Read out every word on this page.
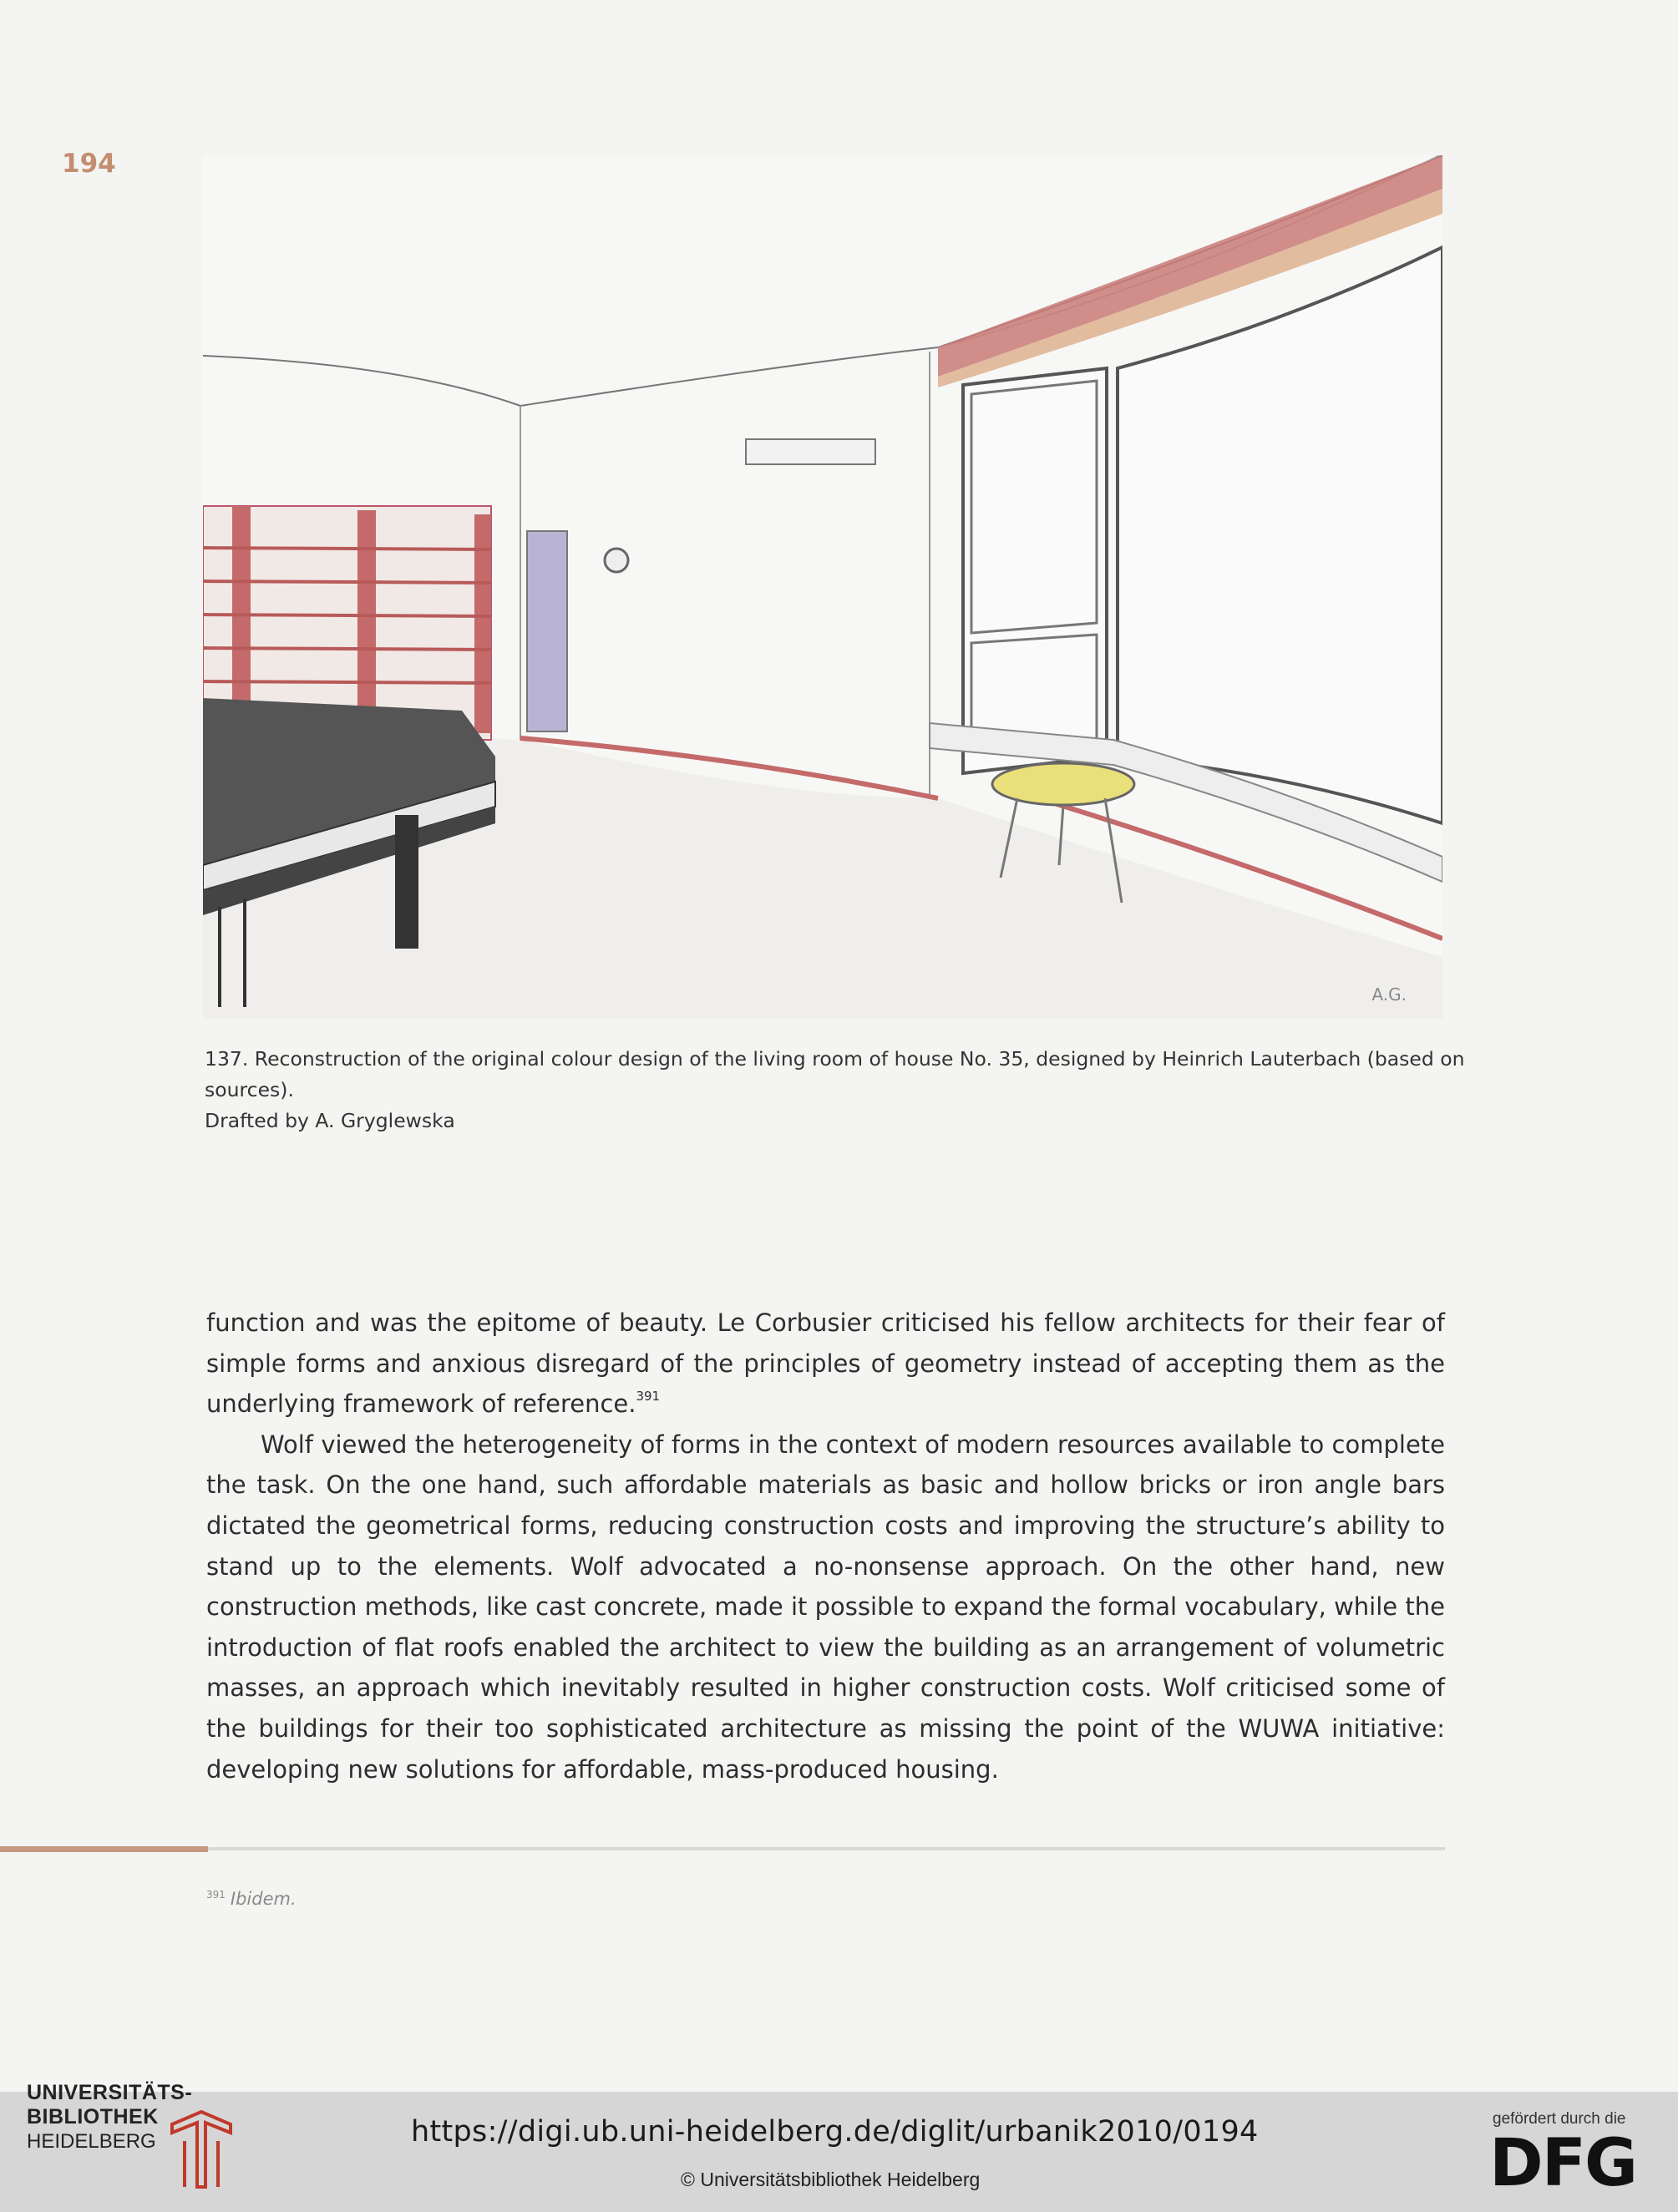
194
A.G.

137. Reconstruction of the original colour design of the living room of house No. 35, designed by Heinrich Lauterbach (based on sources).

Drafted by A. Gryglewska

function and was the epitome of beauty. Le Corbusier criticised his fellow architects for their fear of simple forms and anxious disregard of the principles of geometry instead of accepting them as the underlying framework of reference.$^{391}$

Wolf viewed the heterogeneity of forms in the context of modern resources available to complete the task. On the one hand, such affordable materials as basic and hollow bricks or iron angle bars dictated the geometrical forms, reducing construction costs and improving the structure’s ability to stand up to the elements. Wolf advocated a no-nonsense approach. On the other hand, new construction methods, like cast concrete, made it possible to expand the formal vocabulary, while the introduction of flat roofs enabled the architect to view the building as an arrangement of volumetric masses, an approach which inevitably resulted in higher construction costs. Wolf criticised some of the buildings for their too sophisticated architecture as missing the point of the WUWA initiative: developing new solutions for affordable, mass-produced housing.

$^{391}$ Ibidem.
UNIVERSITÄTS-
BIBLIOTHEK
HEIDELBERG	https://digi.ub.uni-heidelberg.de/diglit/urbanik2010/0194
© Universitätsbibliothek Heidelberg
gefördert durch die
DFG
